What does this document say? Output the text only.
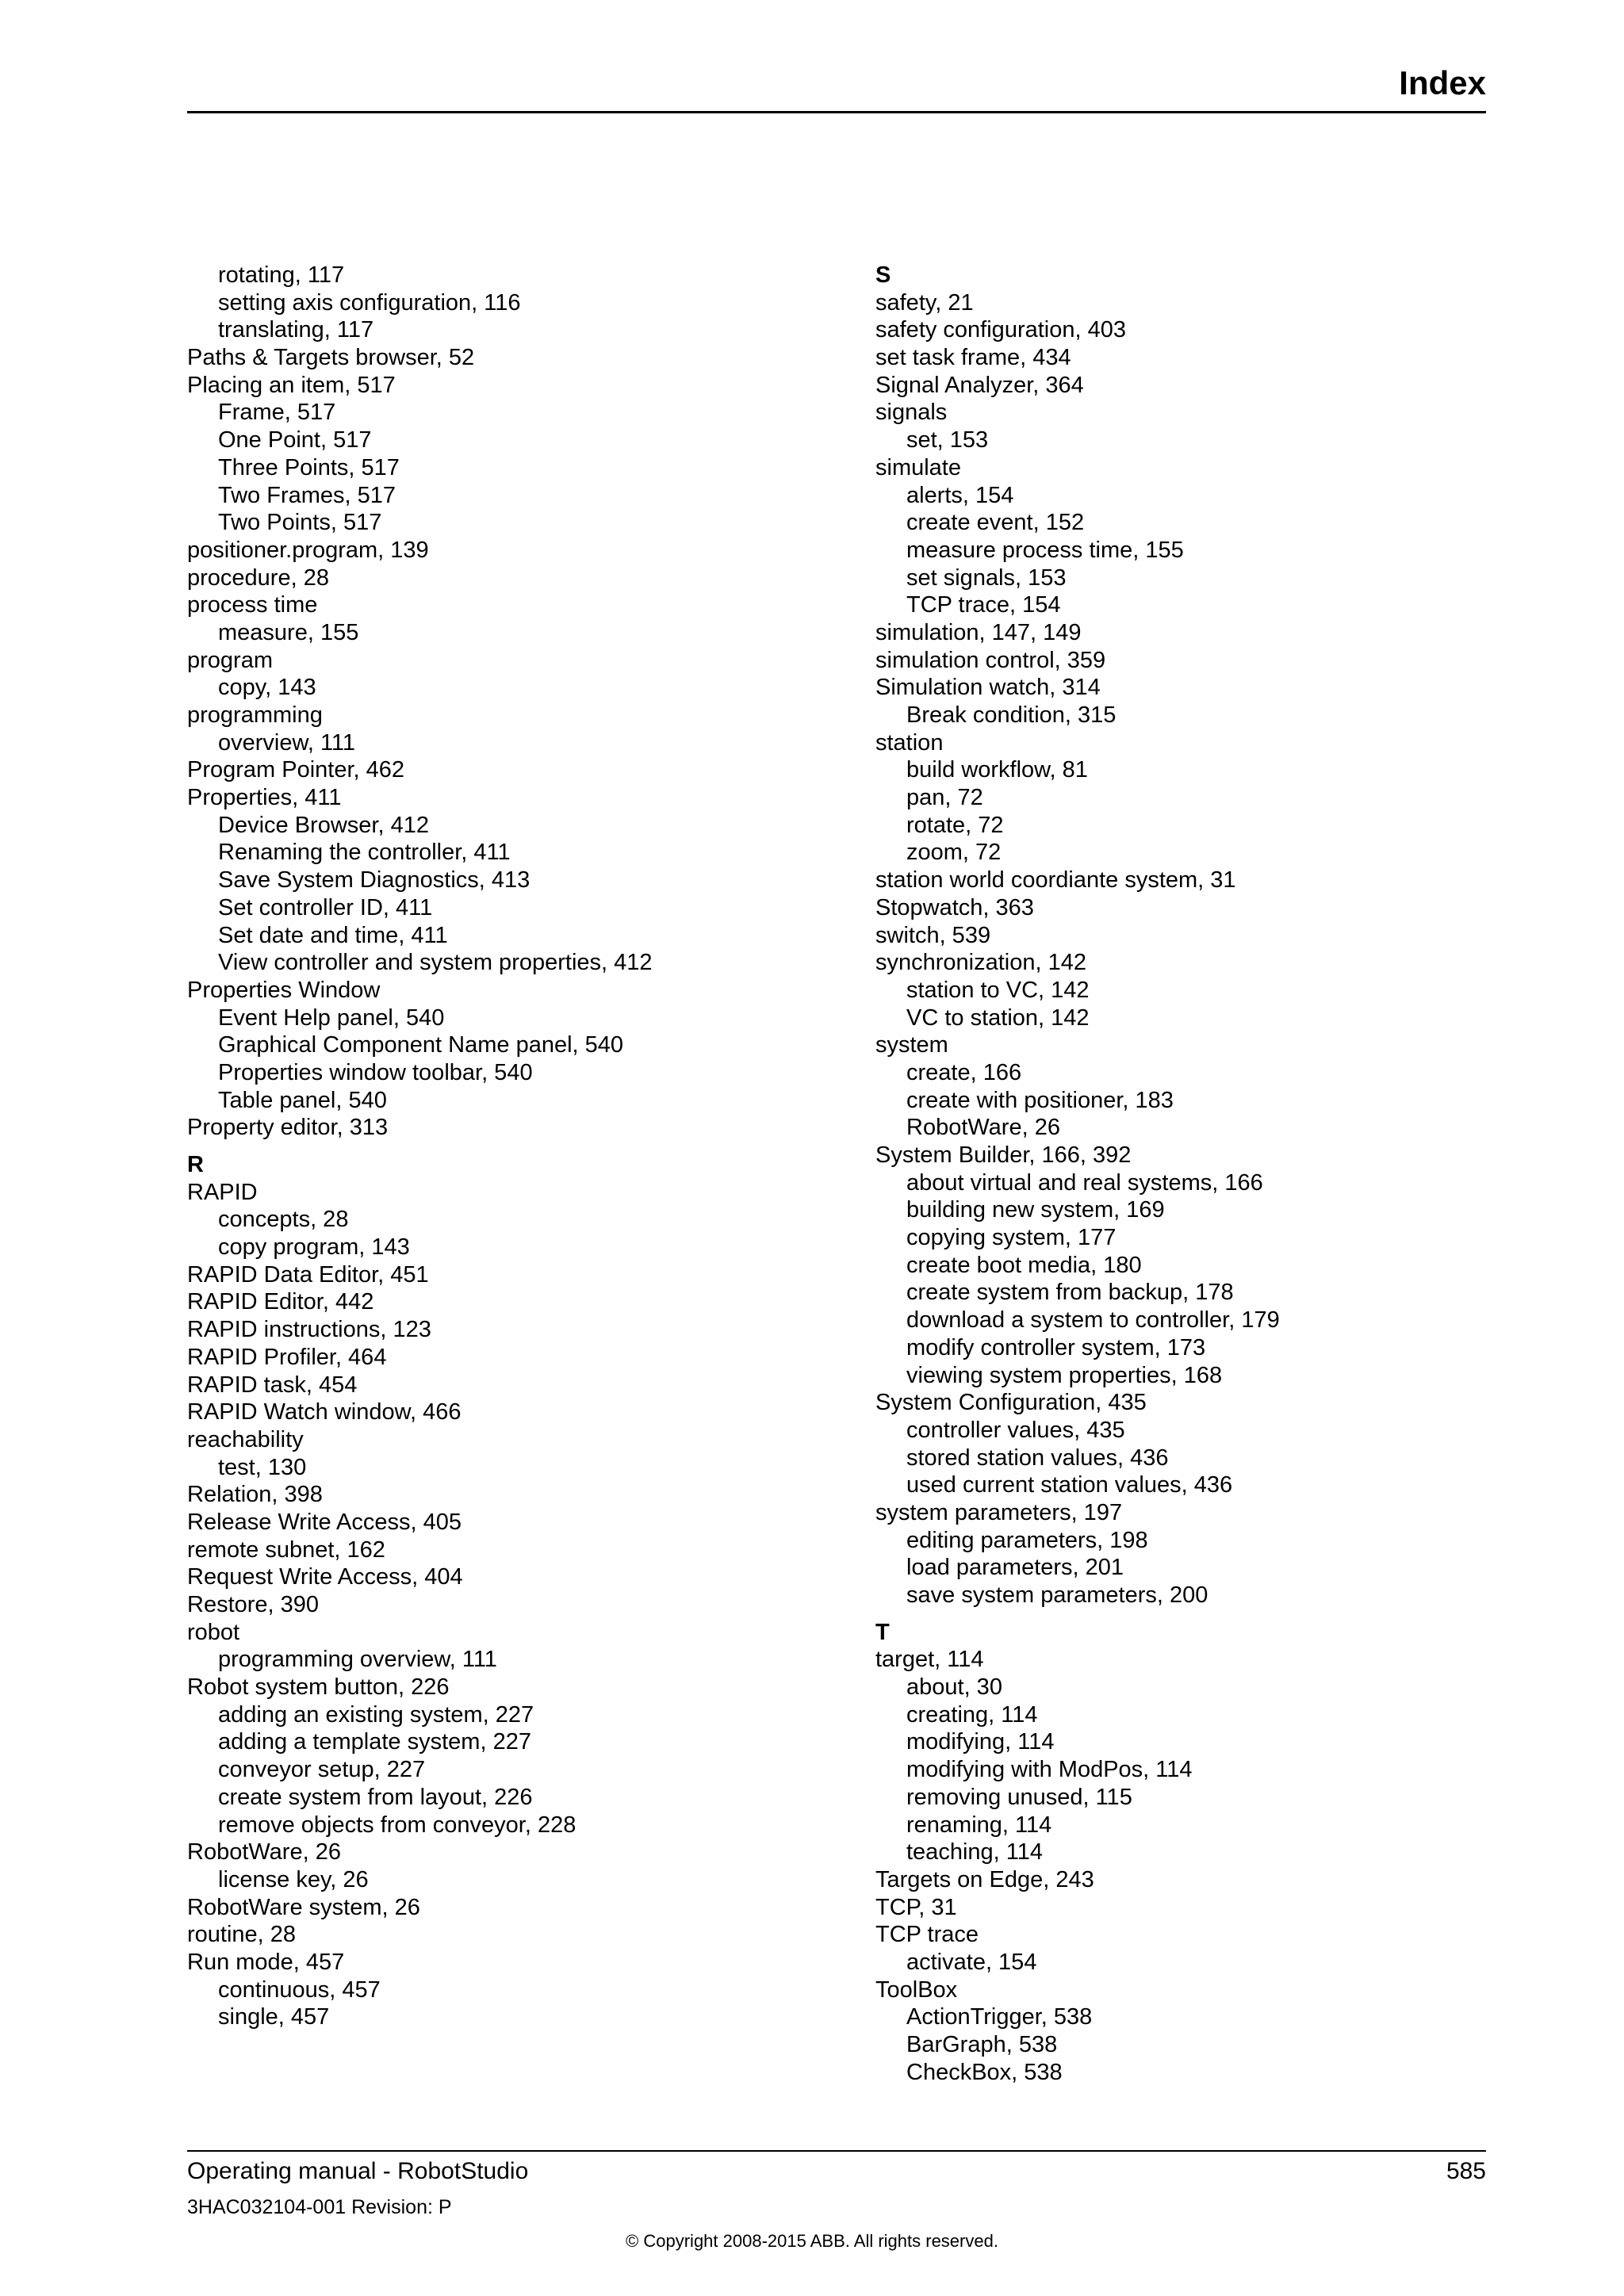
Index
rotating, 117
setting axis configuration, 116
translating, 117
Paths & Targets browser, 52
Placing an item, 517
Frame, 517
One Point, 517
Three Points, 517
Two Frames, 517
Two Points, 517
positioner.program, 139
procedure, 28
process time
measure, 155
program
copy, 143
programming
overview, 111
Program Pointer, 462
Properties, 411
Device Browser, 412
Renaming the controller, 411
Save System Diagnostics, 413
Set controller ID, 411
Set date and time, 411
View controller and system properties, 412
Properties Window
Event Help panel, 540
Graphical Component Name panel, 540
Properties window toolbar, 540
Table panel, 540
Property editor, 313
R
RAPID
concepts, 28
copy program, 143
RAPID Data Editor, 451
RAPID Editor, 442
RAPID instructions, 123
RAPID Profiler, 464
RAPID task, 454
RAPID Watch window, 466
reachability
test, 130
Relation, 398
Release Write Access, 405
remote subnet, 162
Request Write Access, 404
Restore, 390
robot
programming overview, 111
Robot system button, 226
adding an existing system, 227
adding a template system, 227
conveyor setup, 227
create system from layout, 226
remove objects from conveyor, 228
RobotWare, 26
license key, 26
RobotWare system, 26
routine, 28
Run mode, 457
continuous, 457
single, 457
S
safety, 21
safety configuration, 403
set task frame, 434
Signal Analyzer, 364
signals
set, 153
simulate
alerts, 154
create event, 152
measure process time, 155
set signals, 153
TCP trace, 154
simulation, 147, 149
simulation control, 359
Simulation watch, 314
Break condition, 315
station
build workflow, 81
pan, 72
rotate, 72
zoom, 72
station world coordiante system, 31
Stopwatch, 363
switch, 539
synchronization, 142
station to VC, 142
VC to station, 142
system
create, 166
create with positioner, 183
RobotWare, 26
System Builder, 166, 392
about virtual and real systems, 166
building new system, 169
copying system, 177
create boot media, 180
create system from backup, 178
download a system to controller, 179
modify controller system, 173
viewing system properties, 168
System Configuration, 435
controller values, 435
stored station values, 436
used current station values, 436
system parameters, 197
editing parameters, 198
load parameters, 201
save system parameters, 200
T
target, 114
about, 30
creating, 114
modifying, 114
modifying with ModPos, 114
removing unused, 115
renaming, 114
teaching, 114
Targets on Edge, 243
TCP, 31
TCP trace
activate, 154
ToolBox
ActionTrigger, 538
BarGraph, 538
CheckBox, 538
Operating manual - RobotStudio	585
3HAC032104-001 Revision: P
© Copyright 2008-2015 ABB. All rights reserved.
